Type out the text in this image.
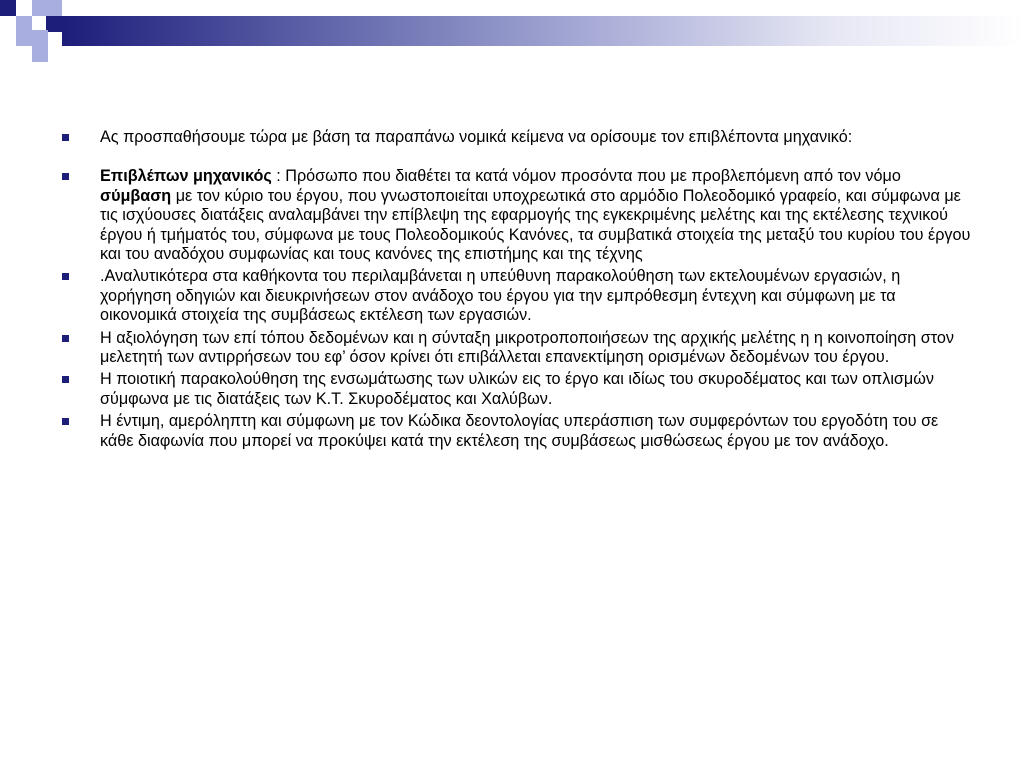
Ας προσπαθήσουμε τώρα με βάση τα παραπάνω νομικά κείμενα να ορίσουμε τον επιβλέποντα μηχανικό:
Επιβλέπων μηχανικός : Πρόσωπο που διαθέτει τα κατά νόμον προσόντα που με προβλεπόμενη από τον νόμο σύμβαση με τον κύριο του έργου, που γνωστοποιείται υποχρεωτικά στο αρμόδιο Πολεοδομικό γραφείο, και σύμφωνα με τις ισχύουσες διατάξεις αναλαμβάνει την επίβλεψη της εφαρμογής της εγκεκριμένης μελέτης και της εκτέλεσης τεχνικού έργου ή τμήματός του, σύμφωνα με τους Πολεοδομικούς Κανόνες, τα συμβατικά στοιχεία της μεταξύ του κυρίου του έργου και του αναδόχου συμφωνίας και τους κανόνες της επιστήμης και της τέχνης
.Αναλυτικότερα στα καθήκοντα του περιλαμβάνεται η υπεύθυνη παρακολούθηση των εκτελουμένων εργασιών, η χορήγηση οδηγιών και διευκρινήσεων στον ανάδοχο του έργου για την εμπρόθεσμη έντεχνη και σύμφωνη με τα οικονομικά στοιχεία της συμβάσεως εκτέλεση των εργασιών.
Η αξιολόγηση των επί τόπου δεδομένων και η σύνταξη μικροτροποποιήσεων της αρχικής μελέτης η η κοινοποίηση στον μελετητή των αντιρρήσεων του εφ’ όσον κρίνει ότι επιβάλλεται επανεκτίμηση ορισμένων δεδομένων του έργου.
Η ποιοτική παρακολούθηση της ενσωμάτωσης των υλικών εις το έργο και ιδίως του σκυροδέματος και των οπλισμών σύμφωνα με τις διατάξεις των Κ.Τ. Σκυροδέματος και Χαλύβων.
Η έντιμη, αμερόληπτη και σύμφωνη με τον Κώδικα δεοντολογίας υπεράσπιση των συμφερόντων του εργοδότη του σε κάθε διαφωνία που μπορεί να προκύψει κατά την εκτέλεση της συμβάσεως μισθώσεως έργου με τον ανάδοχο.
